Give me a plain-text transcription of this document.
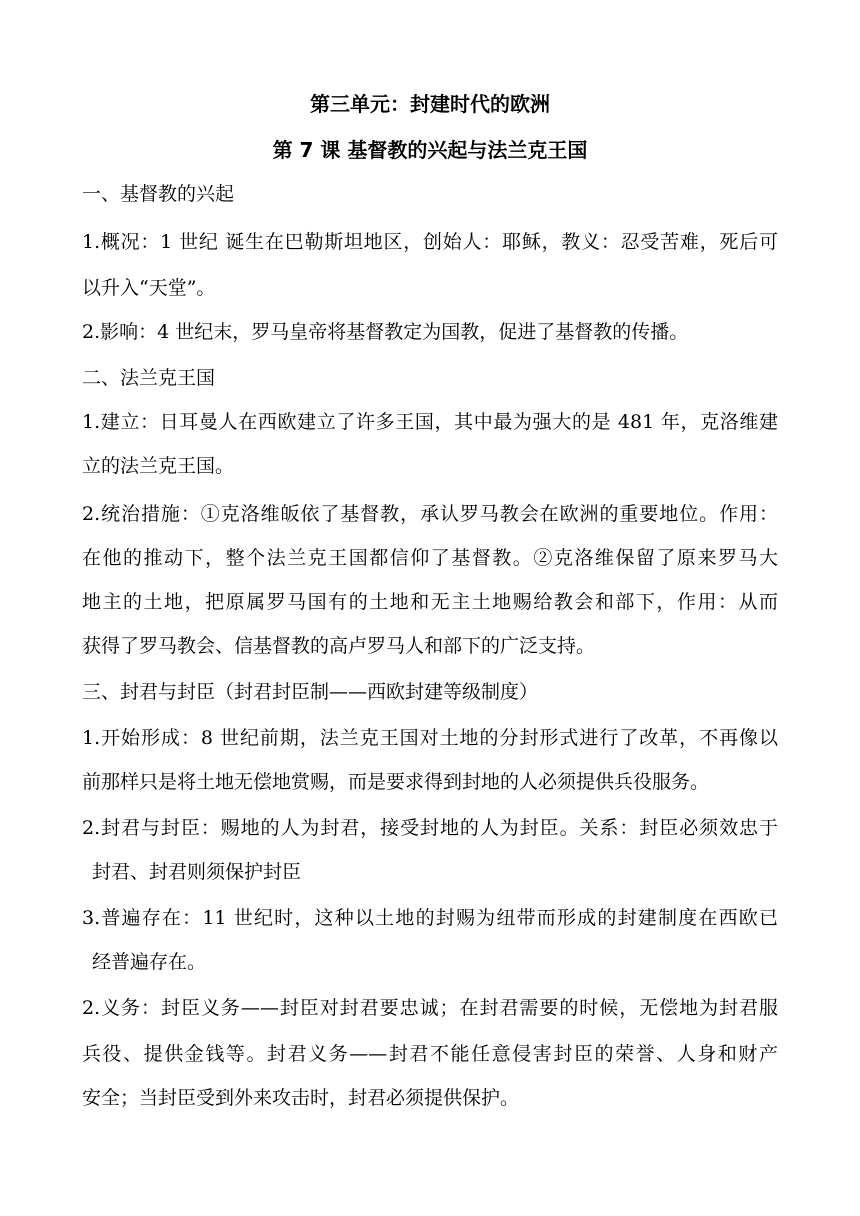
第三单元：封建时代的欧洲
第 7 课 基督教的兴起与法兰克王国
一、基督教的兴起
1.概况：1 世纪 诞生在巴勒斯坦地区，创始人：耶稣，教义：忍受苦难，死后可
以升入“天堂”。
2.影响：4 世纪末，罗马皇帝将基督教定为国教，促进了基督教的传播。
二、法兰克王国
1.建立：日耳曼人在西欧建立了许多王国，其中最为强大的是 481 年，克洛维建
立的法兰克王国。
2.统治措施：①克洛维皈依了基督教，承认罗马教会在欧洲的重要地位。作用：
在他的推动下，整个法兰克王国都信仰了基督教。②克洛维保留了原来罗马大
地主的土地，把原属罗马国有的土地和无主土地赐给教会和部下，作用：从而
获得了罗马教会、信基督教的高卢罗马人和部下的广泛支持。
三、封君与封臣（封君封臣制——西欧封建等级制度）
1.开始形成：8 世纪前期，法兰克王国对土地的分封形式进行了改革，不再像以
前那样只是将土地无偿地赏赐，而是要求得到封地的人必须提供兵役服务。
2.封君与封臣：赐地的人为封君，接受封地的人为封臣。关系：封臣必须效忠于
封君、封君则须保护封臣
3.普遍存在：11 世纪时，这种以土地的封赐为纽带而形成的封建制度在西欧已
经普遍存在。
2.义务：封臣义务——封臣对封君要忠诚；在封君需要的时候，无偿地为封君服
兵役、提供金钱等。封君义务——封君不能任意侵害封臣的荣誉、人身和财产
安全；当封臣受到外来攻击时，封君必须提供保护。
